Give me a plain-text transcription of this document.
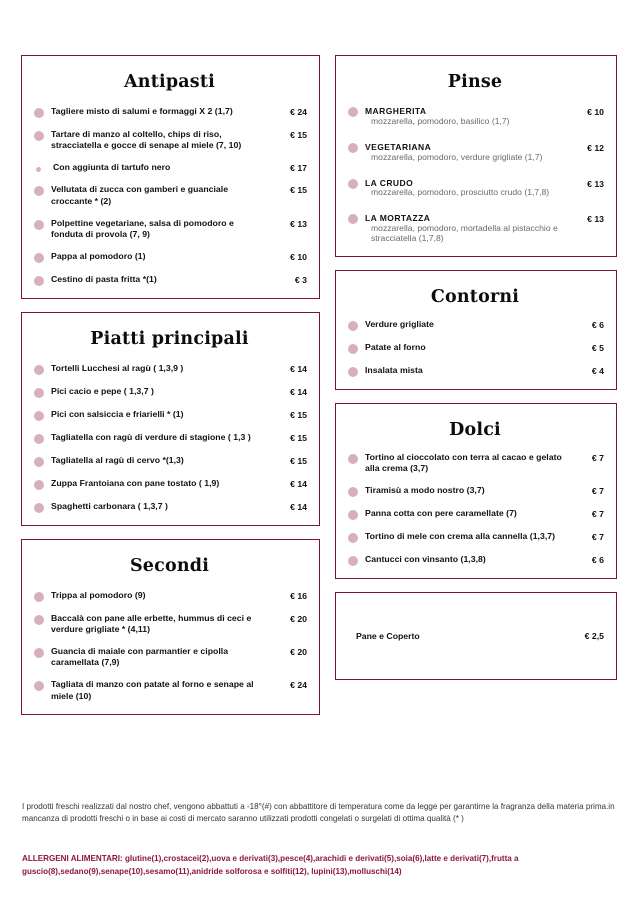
Antipasti
Tagliere misto di salumi e formaggi X 2 (1,7)	€ 24
Tartare di manzo al coltello, chips di riso, stracciatella e gocce di senape al miele (7, 10)
€ 15
Con aggiunta di tartufo nero	€ 17
Vellutata di zucca con gamberi e guanciale croccante * (2)
€ 15
Polpettine vegetariane, salsa di pomodoro e fonduta di provola (7, 9)
€ 13
Pappa al pomodoro (1)	€ 10
Cestino di pasta fritta *(1)	€ 3
Piatti principali
Tortelli Lucchesi al ragù ( 1,3,9 )	€ 14
Pici cacio e pepe ( 1,3,7 )	€ 14
Pici con salsiccia e friarielli * (1)	€ 15
Tagliatella con ragù di verdure di stagione ( 1,3 )	€ 15
Tagliatella al ragù di cervo *(1,3)	€ 15
Zuppa Frantoiana con pane tostato ( 1,9)	€ 14
Spaghetti carbonara ( 1,3,7 )	€ 14
Secondi
Trippa al pomodoro (9)	€ 16
Baccalà con pane alle erbette, hummus di ceci e verdure grigliate * (4,11)
€ 20
Guancia di maiale con parmantier e cipolla caramellata (7,9)
€ 20
Tagliata di manzo con patate al forno e senape al miele (10)
€ 24
Pinse
MARGHERITA
mozzarella, pomodoro, basilico (1,7)
€ 10
VEGETARIANA
mozzarella, pomodoro, verdure grigliate (1,7)
€ 12
LA CRUDO
mozzarella, pomodoro, prosciutto crudo (1,7,8)
€ 13
LA MORTAZZA
mozzarella, pomodoro, mortadella al pistacchio e stracciatella (1,7,8)
€ 13
Contorni
Verdure grigliate	€ 6
Patate al forno	€ 5
Insalata mista	€ 4
Dolci
Tortino al cioccolato con terra al cacao e gelato alla crema (3,7)
€ 7
Tiramisù a modo nostro (3,7)	€ 7
Panna cotta con pere caramellate (7)	€ 7
Tortino di mele con crema alla cannella (1,3,7)	€ 7
Cantucci con vinsanto (1,3,8)	€ 6
Pane e Coperto	€ 2,5

I prodotti freschi realizzati dal nostro chef, vengono abbattuti a -18°(#) con abbattitore di temperatura come da legge per garantirne la fragranza della materia prima.in mancanza di prodotti freschi o in base ai costi di mercato saranno utilizzati prodotti congelati o surgelati di ottima qualità (* )

ALLERGENI ALIMENTARI: glutine(1),crostacei(2),uova e derivati(3),pesce(4),arachidi e derivati(5),soia(6),latte e derivati(7),frutta a guscio(8),sedano(9),senape(10),sesamo(11),anidride solforosa e solfiti(12), lupini(13),molluschi(14)
